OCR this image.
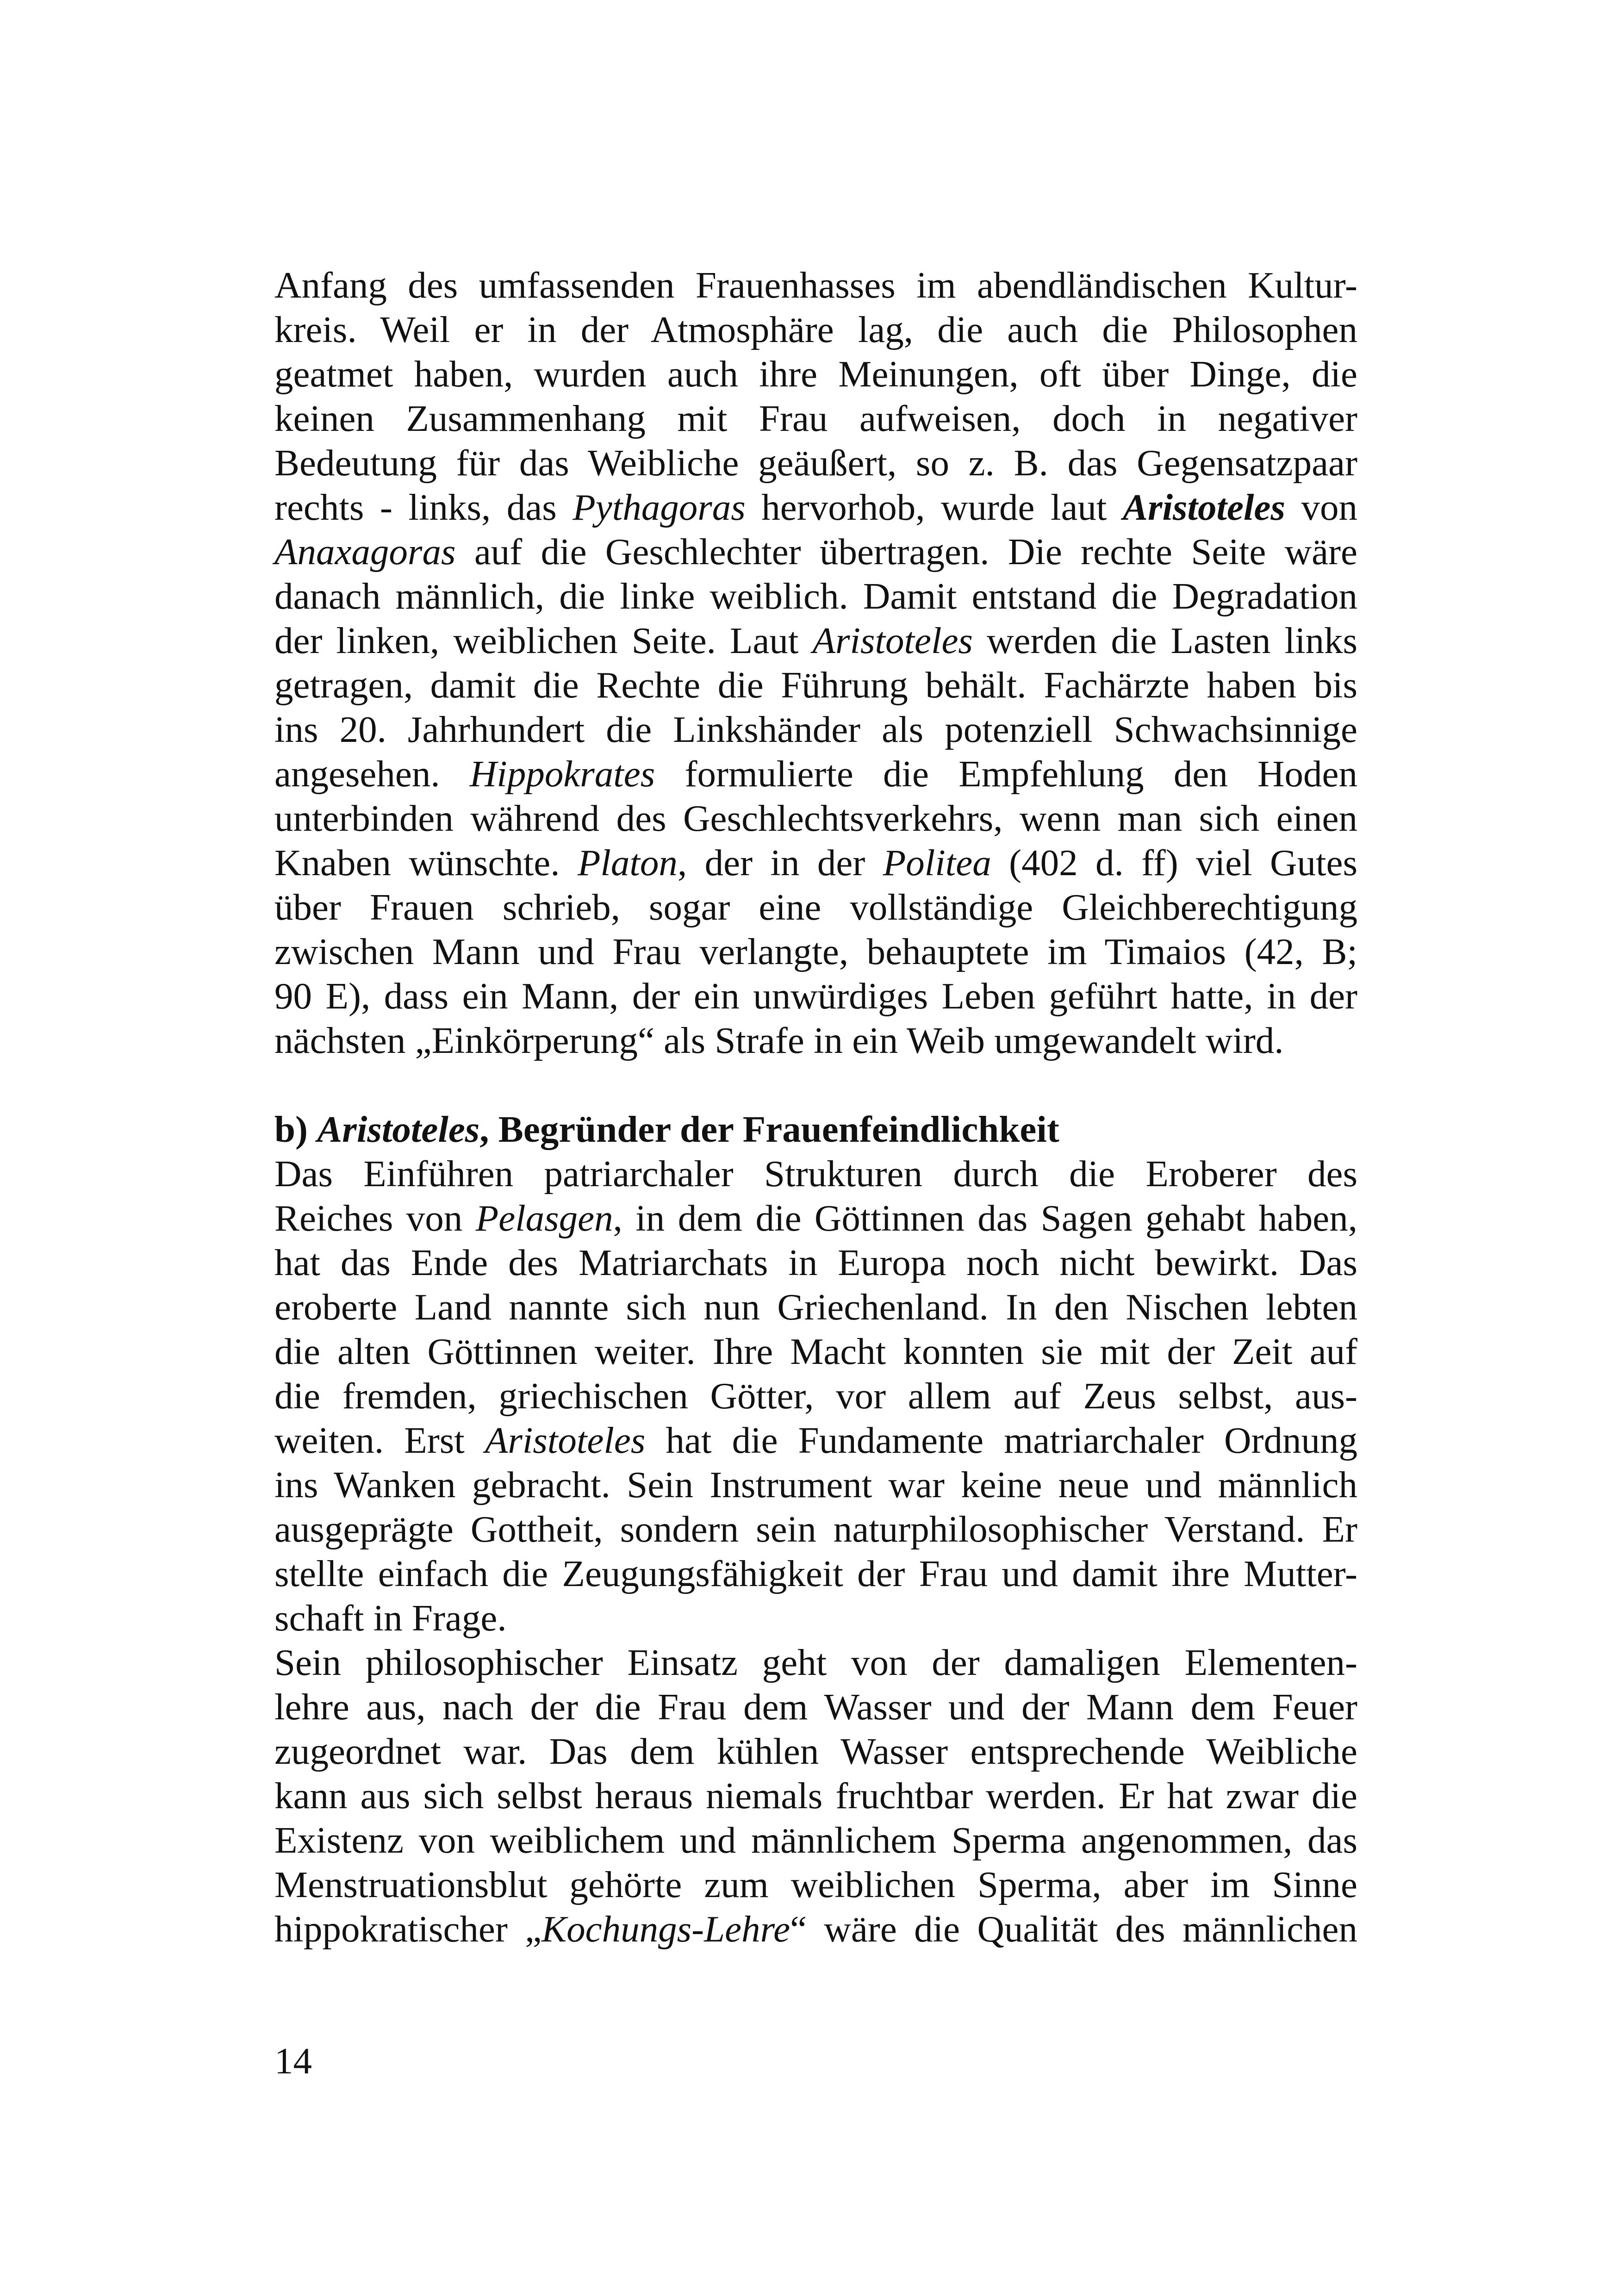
Anfang des umfassenden Frauenhasses im abendländischen Kultur-
kreis. Weil er in der Atmosphäre lag, die auch die Philosophen
geatmet haben, wurden auch ihre Meinungen, oft über Dinge, die
keinen Zusammenhang mit Frau aufweisen, doch in negativer
Bedeutung für das Weibliche geäußert, so z. B. das Gegensatzpaar
rechts - links, das Pythagoras hervorhob, wurde laut Aristoteles von
Anaxagoras auf die Geschlechter übertragen. Die rechte Seite wäre
danach männlich, die linke weiblich. Damit entstand die Degradation
der linken, weiblichen Seite. Laut Aristoteles werden die Lasten links
getragen, damit die Rechte die Führung behält. Fachärzte haben bis
ins 20. Jahrhundert die Linkshänder als potenziell Schwachsinnige
angesehen. Hippokrates formulierte die Empfehlung den Hoden
unterbinden während des Geschlechtsverkehrs, wenn man sich einen
Knaben wünschte. Platon, der in der Politea (402 d. ff) viel Gutes
über Frauen schrieb, sogar eine vollständige Gleichberechtigung
zwischen Mann und Frau verlangte, behauptete im Timaios (42, B;
90 E), dass ein Mann, der ein unwürdiges Leben geführt hatte, in der
nächsten „Einkörperung“ als Strafe in ein Weib umgewandelt wird.
b) Aristoteles, Begründer der Frauenfeindlichkeit
Das Einführen patriarchaler Strukturen durch die Eroberer des
Reiches von Pelasgen, in dem die Göttinnen das Sagen gehabt haben,
hat das Ende des Matriarchats in Europa noch nicht bewirkt. Das
eroberte Land nannte sich nun Griechenland. In den Nischen lebten
die alten Göttinnen weiter. Ihre Macht konnten sie mit der Zeit auf
die fremden, griechischen Götter, vor allem auf Zeus selbst, aus-
weiten. Erst Aristoteles hat die Fundamente matriarchaler Ordnung
ins Wanken gebracht. Sein Instrument war keine neue und männlich
ausgeprägte Gottheit, sondern sein naturphilosophischer Verstand. Er
stellte einfach die Zeugungsfähigkeit der Frau und damit ihre Mutter-
schaft in Frage.
Sein philosophischer Einsatz geht von der damaligen Elementen-
lehre aus, nach der die Frau dem Wasser und der Mann dem Feuer
zugeordnet war. Das dem kühlen Wasser entsprechende Weibliche
kann aus sich selbst heraus niemals fruchtbar werden. Er hat zwar die
Existenz von weiblichem und männlichem Sperma angenommen, das
Menstruationsblut gehörte zum weiblichen Sperma, aber im Sinne
hippokratischer „Kochungs-Lehre“ wäre die Qualität des männlichen
14
